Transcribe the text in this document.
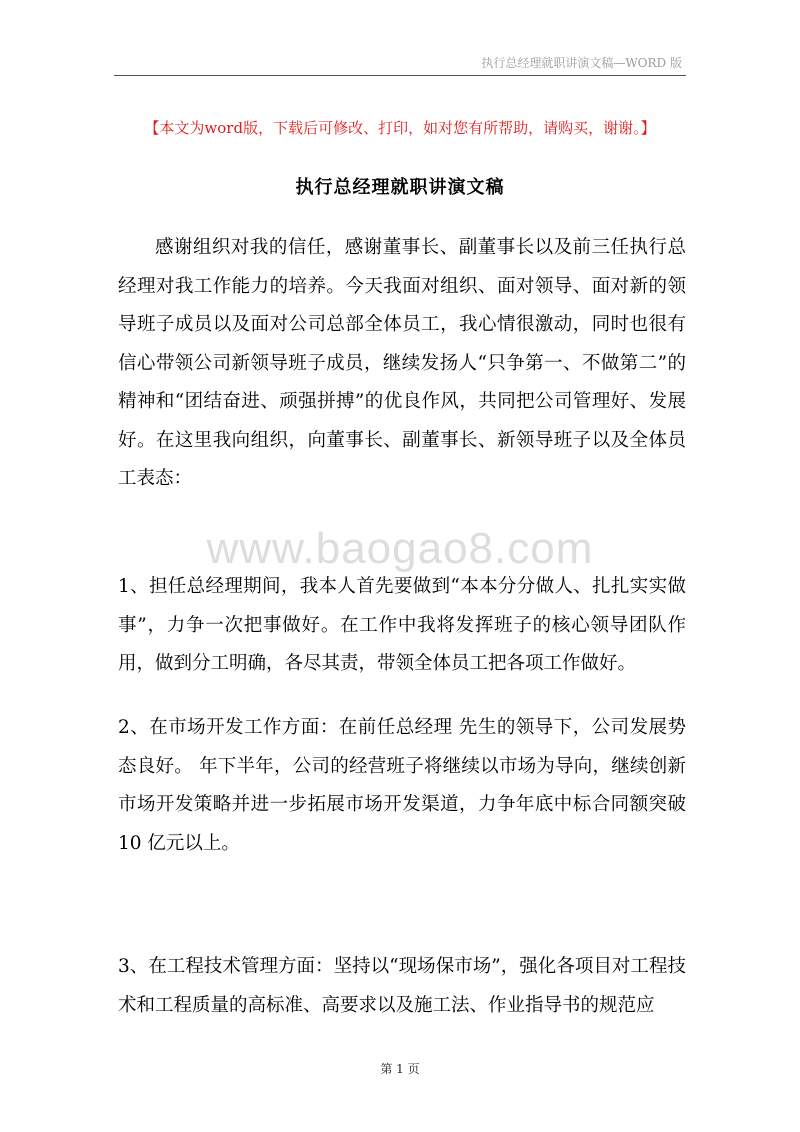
执行总经理就职讲演文稿—WORD 版
【本文为word版，下载后可修改、打印，如对您有所帮助，请购买，谢谢。】
执行总经理就职讲演文稿
感谢组织对我的信任，感谢董事长、副董事长以及前三任执行总经理对我工作能力的培养。今天我面对组织、面对领导、面对新的领导班子成员以及面对公司总部全体员工，我心情很激动，同时也很有信心带领公司新领导班子成员，继续发扬人“只争第一、不做第二”的精神和“团结奋进、顽强拼搏”的优良作风，共同把公司管理好、发展好。在这里我向组织，向董事长、副董事长、新领导班子以及全体员工表态：
www.baogao8.com
1、担任总经理期间，我本人首先要做到“本本分分做人、扎扎实实做事”，力争一次把事做好。在工作中我将发挥班子的核心领导团队作用，做到分工明确，各尽其责，带领全体员工把各项工作做好。
2、在市场开发工作方面：在前任总经理 先生的领导下，公司发展势态良好。 年下半年，公司的经营班子将继续以市场为导向，继续创新市场开发策略并进一步拓展市场开发渠道，力争年底中标合同额突破 10 亿元以上。
3、在工程技术管理方面：坚持以“现场保市场”，强化各项目对工程技术和工程质量的高标准、高要求以及施工法、作业指导书的规范应
第 1 页
